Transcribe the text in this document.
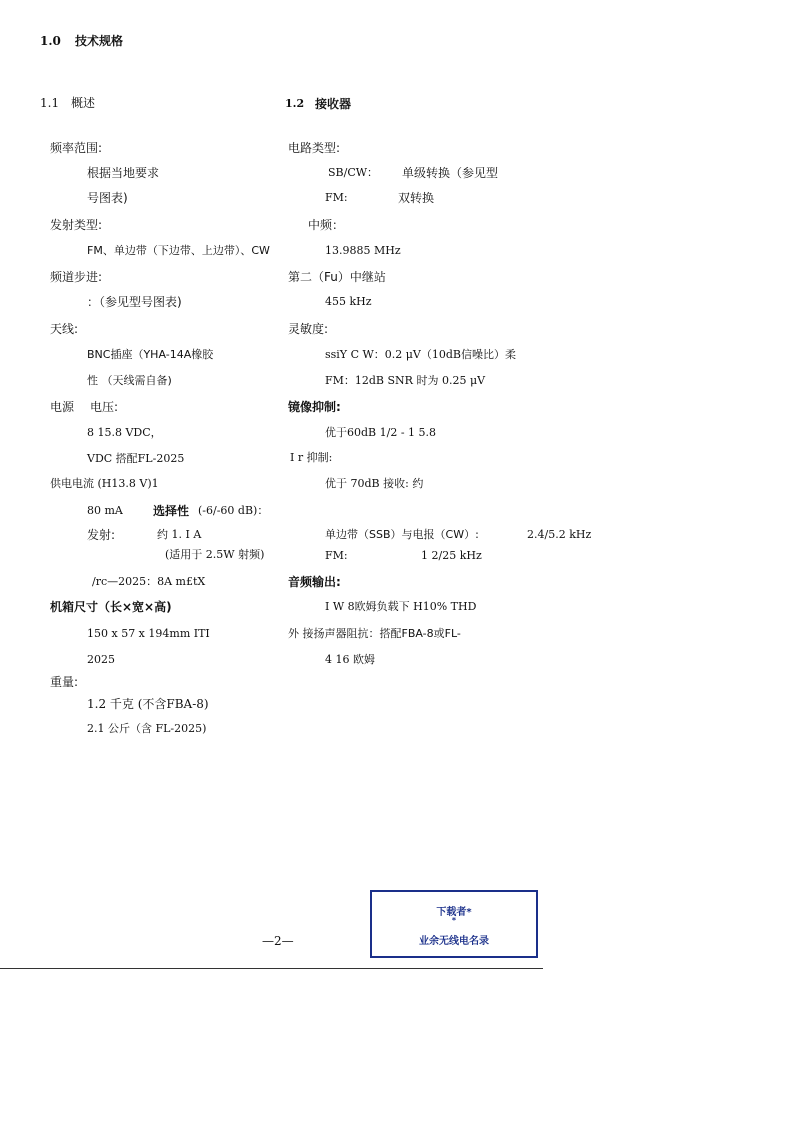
1.0 技术规格
1.1 概述
频率范围:
根据当地要求
号图表)
发射类型:
FM、单边带（下边带、上边带）、CW
频道步进:
：（参见型号图表)
天线:
BNC插座（YHA-14A橡胶
性 （天线需自备)
电源 电压:
8 15.8 VDC，
VDC 搭配FL-2025
供电电流 (H13.8 V)1
80 mA	选择性 (-6/-60 dB)：
发射:	约 1. I A
(适用于 2.5W 射频)
/rc—2025：8A m£tX
机箱尺寸（长×宽×高)
150 x 57 x 194mm ITI
2025
重量:
1.2 千克 (不含FBA-8)
2.1 公斤（含 FL-2025)
1.2 接收器
电路类型:
SB/CW： 单级转换（参见型
FM:	双转换
中频：
13.9885 MHz
第二（Fu）中继站
455 kHz
灵敏度:
ssiY C W：0.2 μV（10dB信噪比）柔
FM：12dB SNR 时为 0.25 μV
镜像抑制:
优于60dB 1/2 - 1 5.8
I r 抑制:
优于 70dB 接收: 约
单边带（SSB）与电报（CW）:	2.4/5.2 kHz
FM:	1 2/25 kHz
音频输出:
I W 8欧姆负载下 H10% THD
外 接扬声器阻抗：搭配FBA-8或FL-
4 16 欧姆
—2—
下载者*
*
业余无线电名录
